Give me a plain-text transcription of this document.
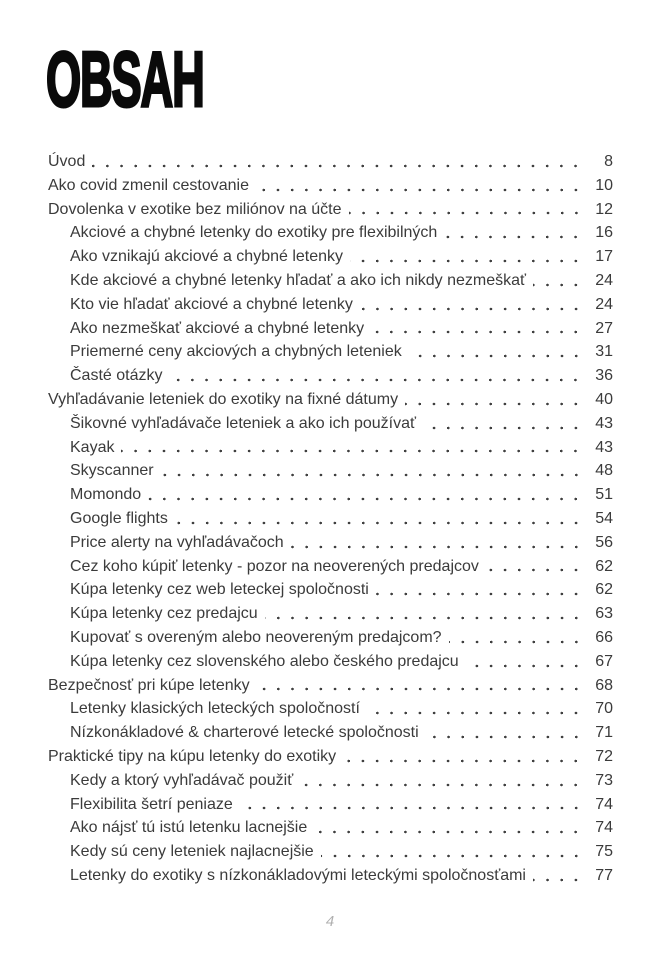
OBSAH
Úvod	8
Ako covid zmenil cestovanie	10
Dovolenka v exotike bez miliónov na účte	12
Akciové a chybné letenky do exotiky pre flexibilných	16
Ako vznikajú akciové a chybné letenky	17
Kde akciové a chybné letenky hľadať a ako ich nikdy nezmeškať	24
Kto vie hľadať akciové a chybné letenky	24
Ako nezmeškať akciové a chybné letenky	27
Priemerné ceny akciových a chybných leteniek	31
Časté otázky	36
Vyhľadávanie leteniek do exotiky na fixné dátumy	40
Šikovné vyhľadávače leteniek a ako ich používať	43
Kayak	43
Skyscanner	48
Momondo	51
Google flights	54
Price alerty na vyhľadávačoch	56
Cez koho kúpiť letenky - pozor na neoverených predajcov	62
Kúpa letenky cez web leteckej spoločnosti	62
Kúpa letenky cez predajcu	63
Kupovať s overeným alebo neovereným predajcom?	66
Kúpa letenky cez slovenského alebo českého predajcu	67
Bezpečnosť pri kúpe letenky	68
Letenky klasických leteckých spoločností	70
Nízkonákladové & charterové letecké spoločnosti	71
Praktické tipy na kúpu letenky do exotiky	72
Kedy a ktorý vyhľadávač použiť	73
Flexibilita šetrí peniaze	74
Ako nájsť tú istú letenku lacnejšie	74
Kedy sú ceny leteniek najlacnejšie	75
Letenky do exotiky s nízkonákladovými leteckými spoločnosťami	77
4
